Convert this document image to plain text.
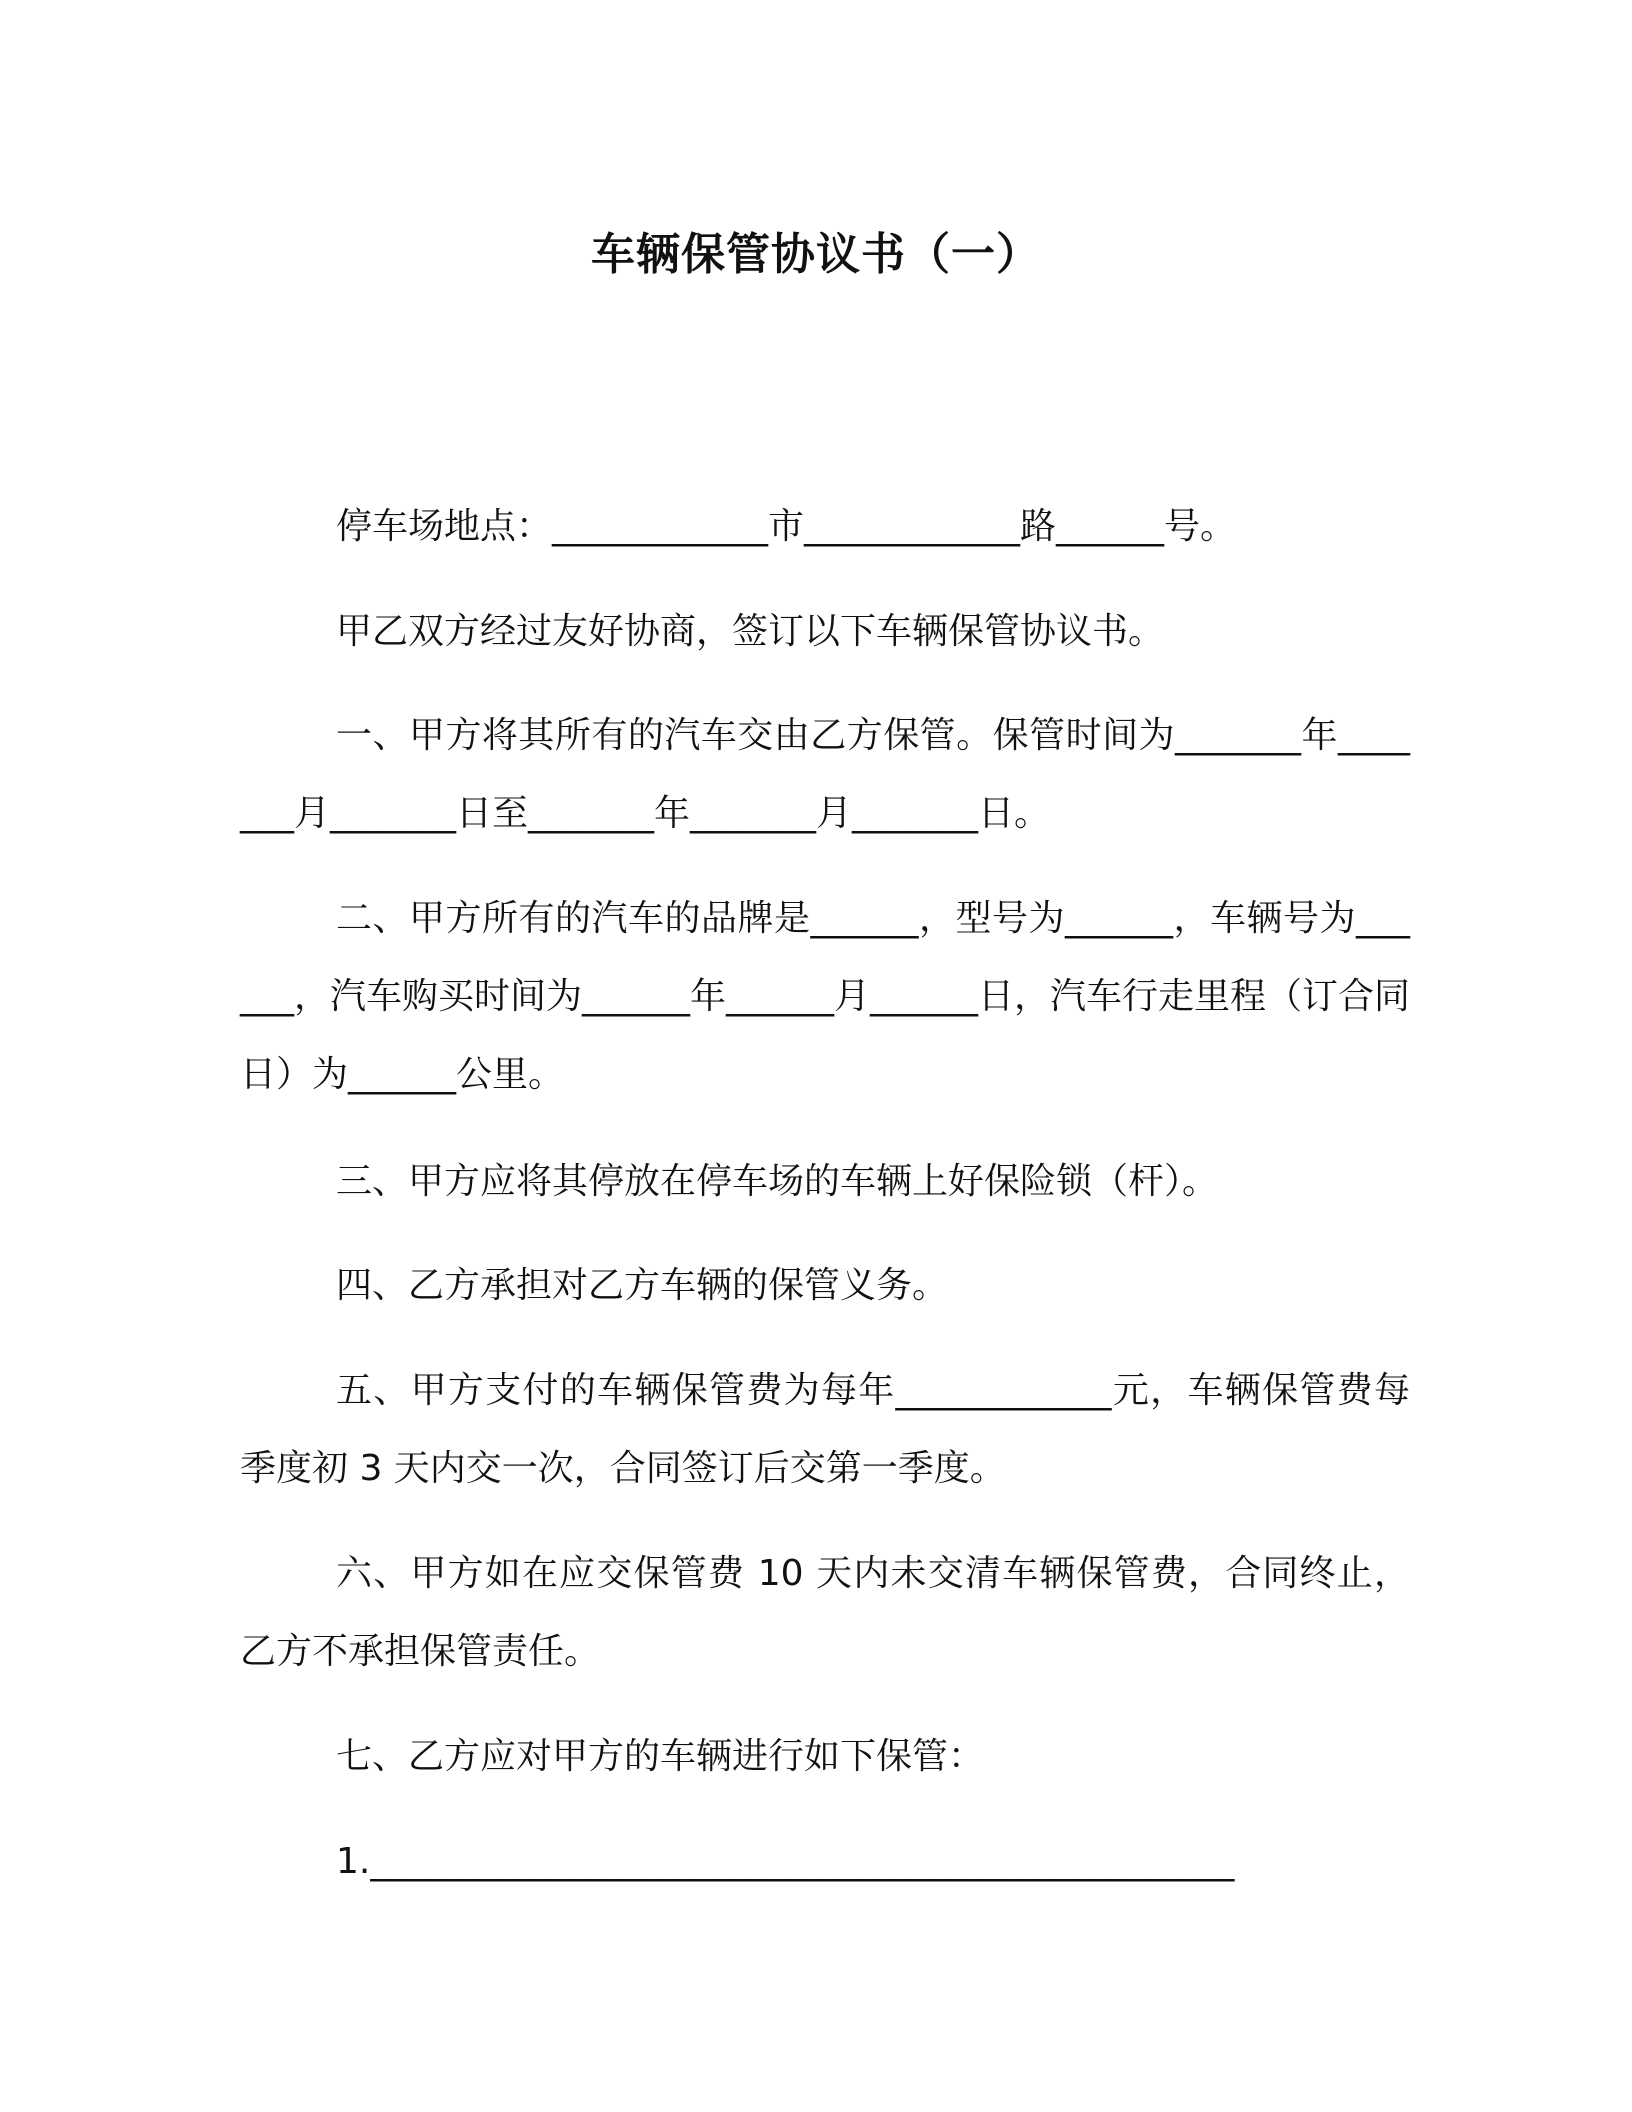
车辆保管协议书（一）
停车场地点：____________市____________路______号。
甲乙双方经过友好协商，签订以下车辆保管协议书。
一、甲方将其所有的汽车交由乙方保管。保管时间为_______年_______月_______日至_______年_______月_______日。
二、甲方所有的汽车的品牌是______，型号为______，车辆号为______，汽车购买时间为______年______月______日，汽车行走里程（订合同日）为______公里。
三、甲方应将其停放在停车场的车辆上好保险锁（杆）。
四、乙方承担对乙方车辆的保管义务。
五、甲方支付的车辆保管费为每年____________元，车辆保管费每季度初 3 天内交一次，合同签订后交第一季度。
六、甲方如在应交保管费 10 天内未交清车辆保管费，合同终止，乙方不承担保管责任。
七、乙方应对甲方的车辆进行如下保管：
1.________________________________________________
